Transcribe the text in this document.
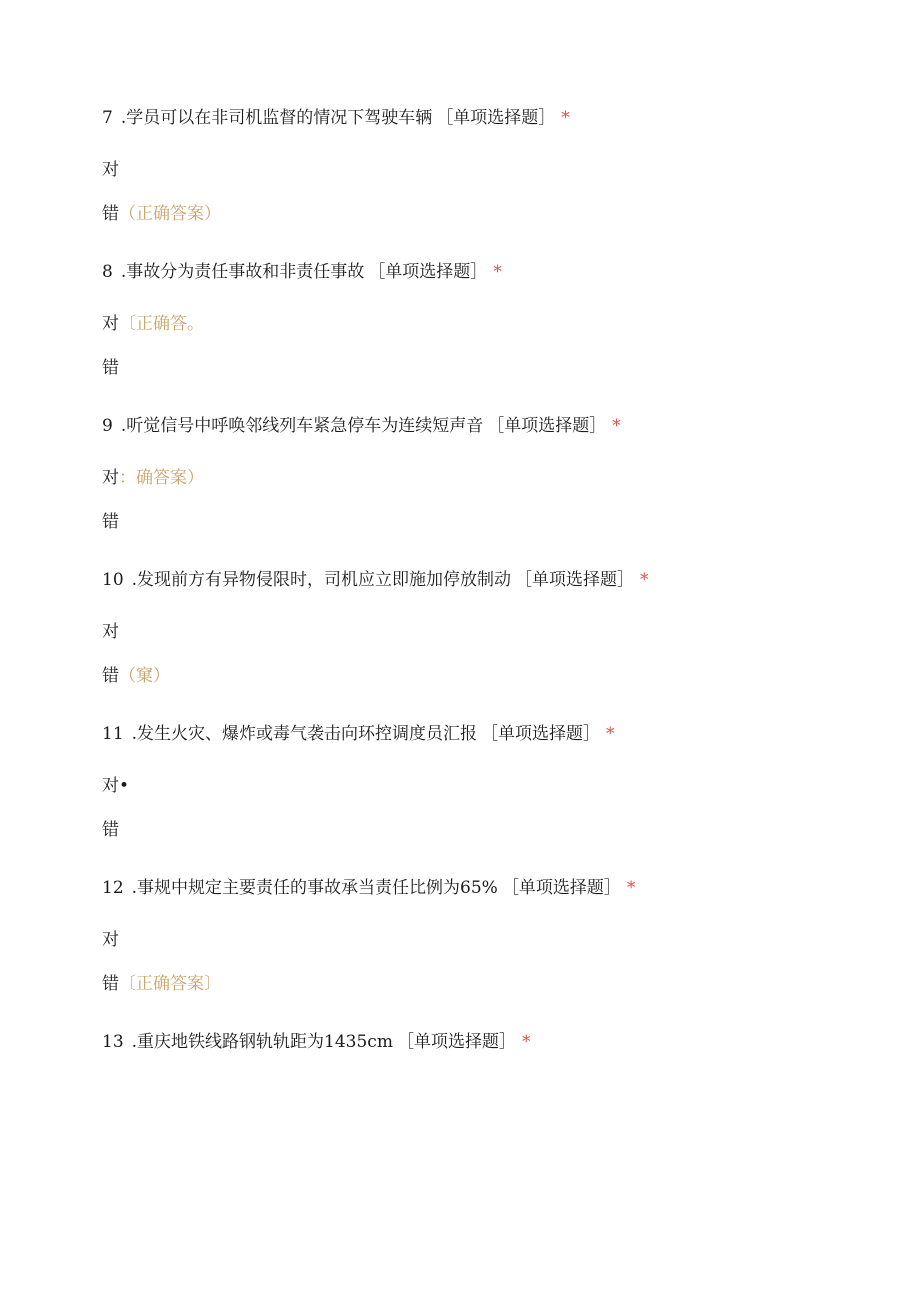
7 .学员可以在非司机监督的情况下驾驶车辆 ［单项选择题］ *
对
错（正确答案）
8 .事故分为责任事故和非责任事故 ［单项选择题］ *
对〔正确答。
错
9 .听觉信号中呼唤邻线列车紧急停车为连续短声音 ［单项选择题］ *
对：确答案）
错
10 .发现前方有异物侵限时，司机应立即施加停放制动 ［单项选择题］ *
对
错（窠）
11 .发生火灾、爆炸或毒气袭击向环控调度员汇报 ［单项选择题］ *
对•
错
12 .事规中规定主要责任的事故承当责任比例为65% ［单项选择题］ *
对
错〔正确答案〕
13 .重庆地铁线路钢轨轨距为1435cm ［单项选择题］ *
